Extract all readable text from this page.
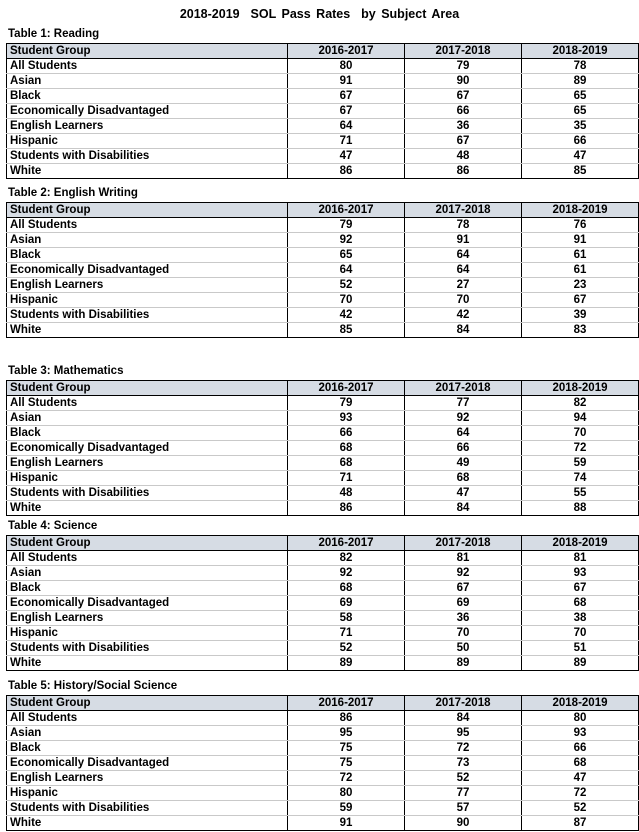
2018-2019  SOL Pass Rates  by Subject Area
Table 1: Reading
Student Group	2016-2017	2017-2018	2018-2019
All Students	80	79	78
Asian	91	90	89
Black	67	67	65
Economically Disadvantaged	67	66	65
English Learners	64	36	35
Hispanic	71	67	66
Students with Disabilities	47	48	47
White	86	86	85
Table 2: English Writing
Student Group	2016-2017	2017-2018	2018-2019
All Students	79	78	76
Asian	92	91	91
Black	65	64	61
Economically Disadvantaged	64	64	61
English Learners	52	27	23
Hispanic	70	70	67
Students with Disabilities	42	42	39
White	85	84	83
Table 3: Mathematics
Student Group	2016-2017	2017-2018	2018-2019
All Students	79	77	82
Asian	93	92	94
Black	66	64	70
Economically Disadvantaged	68	66	72
English Learners	68	49	59
Hispanic	71	68	74
Students with Disabilities	48	47	55
White	86	84	88
Table 4: Science
Student Group	2016-2017	2017-2018	2018-2019
All Students	82	81	81
Asian	92	92	93
Black	68	67	67
Economically Disadvantaged	69	69	68
English Learners	58	36	38
Hispanic	71	70	70
Students with Disabilities	52	50	51
White	89	89	89
Table 5: History/Social Science
Student Group	2016-2017	2017-2018	2018-2019
All Students	86	84	80
Asian	95	95	93
Black	75	72	66
Economically Disadvantaged	75	73	68
English Learners	72	52	47
Hispanic	80	77	72
Students with Disabilities	59	57	52
White	91	90	87
